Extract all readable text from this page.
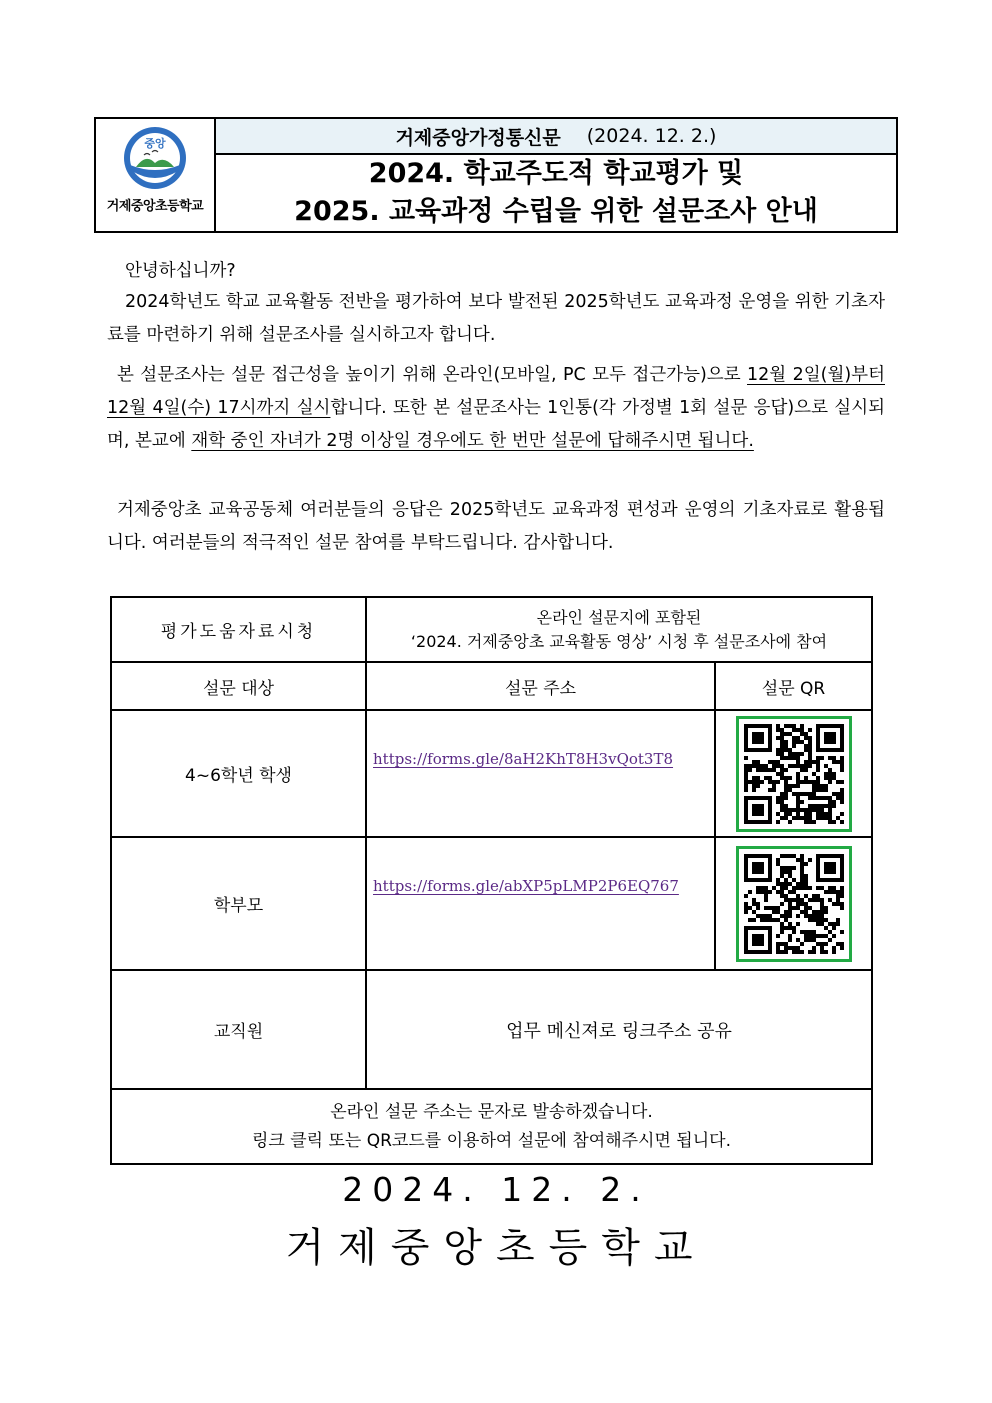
중앙
거제중앙초등학교
거제중앙가정통신문 (2024. 12. 2.)
2024. 학교주도적 학교평가 및
2025. 교육과정 수립을 위한 설문조사 안내
안녕하십니까?
2024학년도 학교 교육활동 전반을 평가하여 보다 발전된 2025학년도 교육과정 운영을 위한 기초자료를 마련하기 위해 설문조사를 실시하고자 합니다.
본 설문조사는 설문 접근성을 높이기 위해 온라인(모바일, PC 모두 접근가능)으로 12월 2일(월)부터 12월 4일(수) 17시까지 실시합니다. 또한 본 설문조사는 1인통(각 가정별 1회 설문 응답)으로 실시되며, 본교에 재학 중인 자녀가 2명 이상일 경우에도 한 번만 설문에 답해주시면 됩니다.
거제중앙초 교육공동체 여러분들의 응답은 2025학년도 교육과정 편성과 운영의 기초자료로 활용됩니다. 여러분들의 적극적인 설문 참여를 부탁드립니다. 감사합니다.
평가도움자료시청	온라인 설문지에 포함된
‘2024. 거제중앙초 교육활동 영상’ 시청 후 설문조사에 참여	

설문 대상	설문 주소	설문 QR
4~6학년 학생	https://forms.gle/8aH2KhT8H3vQot3T8	

학부모	https://forms.gle/abXP5pLMP2P6EQ767	

교직원	업무 메신져로 링크주소 공유	

온라인 설문 주소는 문자로 발송하겠습니다.
링크 클릭 또는 QR코드를 이용하여 설문에 참여해주시면 됩니다.		
2024. 12. 2.
거제중앙초등학교
